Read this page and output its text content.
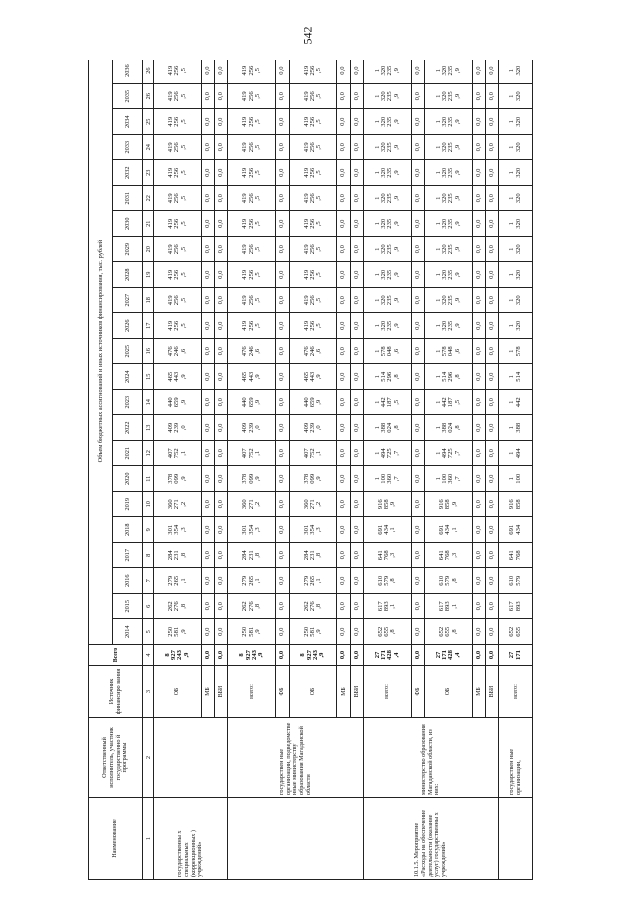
542
Наименование	Ответственный исполнитель, участник государственно й программы	Источник финансиро вания	Всего	Объем бюджетных ассигнований и иных источников финансирования, тыс. рублей																						
				2014	2015	2016	2017	2018	2019	2020	2021	2022	2023	2024	2025	2026	2027	2028	2029	2030	2031	2032	2033	2034	2035	2036
1	2	3	4	5	6	7	8	9	10	11	12	13	14	15	16	17	18	19	20	21	22	23	24	25	26	26
государственны х специальных (коррекционных ) учреждений»		ОБ	8
927
243
,9	250
581
,9	262
276
,8	279
265
,1	284
231
,8	301
354
,3	360
271
,2	378
099
,9	407
752
,1	409
239
,0	440
659
,9	465
443
,9	476
246
,6	419
256
,5	419
256
,5	419
256
,5	419
256
,5	419
256
,5	419
256
,5	419
256
,5	419
256
,5	419
256
,5	419
256
,5	419
256
,5
		МБ	0,0	0,0	0,0	0,0	0,0	0,0	0,0	0,0	0,0	0,0	0,0	0,0	0,0	0,0	0,0	0,0	0,0	0,0	0,0	0,0	0,0	0,0	0,0	0,0
		ВБИ	0,0	0,0	0,0	0,0	0,0	0,0	0,0	0,0	0,0	0,0	0,0	0,0	0,0	0,0	0,0	0,0	0,0	0,0	0,0	0,0	0,0	0,0	0,0	0,0
	государствен ные организации, подведомстве нные министерству образования Магаданской области	всего:	8
927
243
,9	250
581
,9	262
276
,8	279
265
,1	284
231
,8	301
354
,3	360
271
,2	378
099
,9	407
752
,1	409
239
,0	440
659
,9	465
443
,9	476
246
,6	419
256
,5	419
256
,5	419
256
,5	419
256
,5	419
256
,5	419
256
,5	419
256
,5	419
256
,5	419
256
,5	419
256
,5	419
256
,5
		ФБ	0,0	0,0	0,0	0,0	0,0	0,0	0,0	0,0	0,0	0,0	0,0	0,0	0,0	0,0	0,0	0,0	0,0	0,0	0,0	0,0	0,0	0,0	0,0	0,0
		ОБ	8
927
243
,9	250
581
,9	262
276
,8	279
265
,1	284
231
,8	301
354
,3	360
271
,2	378
099
,9	407
752
,1	409
239
,0	440
659
,9	465
443
,9	476
246
,6	419
256
,5	419
256
,5	419
256
,5	419
256
,5	419
256
,5	419
256
,5	419
256
,5	419
256
,5	419
256
,5	419
256
,5	419
256
,5
		МБ	0,0	0,0	0,0	0,0	0,0	0,0	0,0	0,0	0,0	0,0	0,0	0,0	0,0	0,0	0,0	0,0	0,0	0,0	0,0	0,0	0,0	0,0	0,0	0,0
		ВБИ	0,0	0,0	0,0	0,0	0,0	0,0	0,0	0,0	0,0	0,0	0,0	0,0	0,0	0,0	0,0	0,0	0,0	0,0	0,0	0,0	0,0	0,0	0,0	0,0
10.1.5. Мероприятие «Расходы на обеспечение деятельности (оказание услуг) государственны х учреждений»	министерство образования Магаданской области, из них:	всего:	27
171
428
,4	652
655
,8	617
893
,1	610
579
,8	641
768
,3	691
434
,1	916
858
,9	1
100
360
,7	1
494
725
,7	1
388
024
,8	1
442
187
,5	1
514
296
,8	1
578
048
,6	1
320
235
,9	1
320
235
,9	1
320
235
,9	1
320
235
,9	1
320
235
,9	1
320
235
,9	1
320
235
,9	1
320
235
,9	1
320
235
,9	1
320
235
,9	1
320
235
,9
		ФБ	0,0	0,0	0,0	0,0	0,0	0,0	0,0	0,0	0,0	0,0	0,0	0,0	0,0	0,0	0,0	0,0	0,0	0,0	0,0	0,0	0,0	0,0	0,0	0,0
		ОБ	27
171
428
,4	652
655
,8	617
893
,1	610
579
,8	641
768
,3	691
434
,1	916
858
,9	1
100
360
,7	1
494
725
,7	1
388
024
,8	1
442
187
,5	1
514
296
,8	1
578
048
,6	1
320
235
,9	1
320
235
,9	1
320
235
,9	1
320
235
,9	1
320
235
,9	1
320
235
,9	1
320
235
,9	1
320
235
,9	1
320
235
,9	1
320
235
,9	1
320
235
,9
		МБ	0,0	0,0	0,0	0,0	0,0	0,0	0,0	0,0	0,0	0,0	0,0	0,0	0,0	0,0	0,0	0,0	0,0	0,0	0,0	0,0	0,0	0,0	0,0	0,0
		ВБИ	0,0	0,0	0,0	0,0	0,0	0,0	0,0	0,0	0,0	0,0	0,0	0,0	0,0	0,0	0,0	0,0	0,0	0,0	0,0	0,0	0,0	0,0	0,0	0,0
	государствен ные организации,	всего:	27
171	652
655	617
893	610
579	641
768	691
434	916
858	1
100	1
494	1
388	1
442	1
514	1
578	1
320	1
320	1
320	1
320	1
320	1
320	1
320	1
320	1
320	1
320	1
320
